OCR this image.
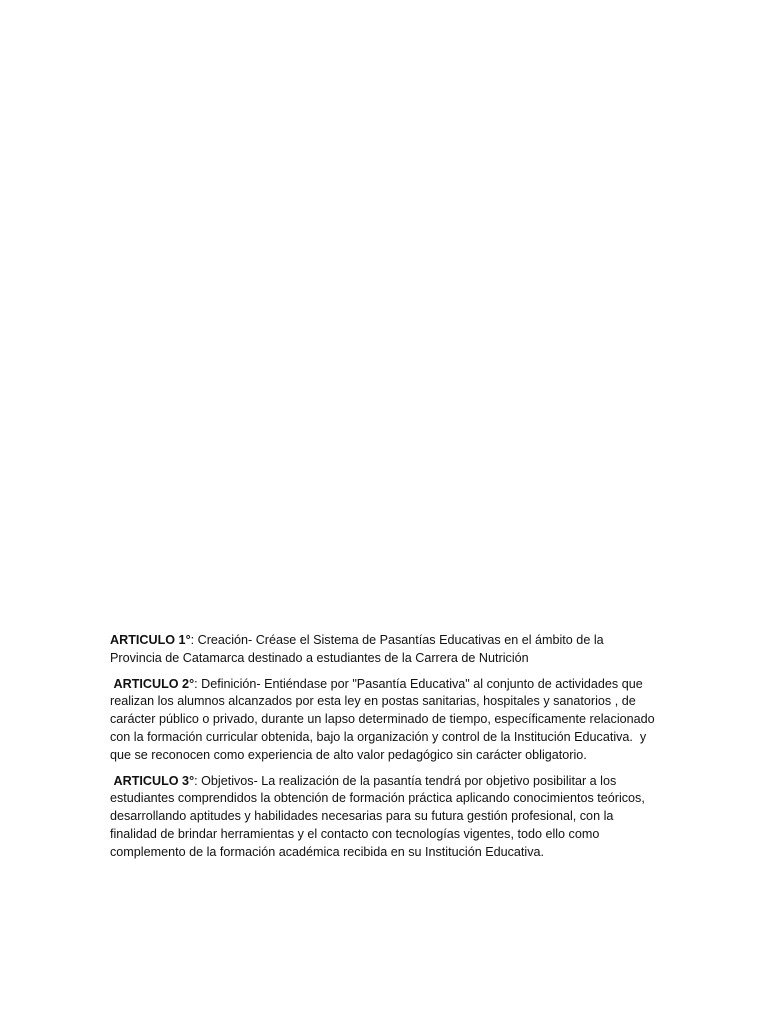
ARTICULO 1°: Creación- Créase el Sistema de Pasantías Educativas en el ámbito de la Provincia de Catamarca destinado a estudiantes de la Carrera de Nutrición

ARTICULO 2°: Definición- Entiéndase por "Pasantía Educativa" al conjunto de actividades que realizan los alumnos alcanzados por esta ley en postas sanitarias, hospitales y sanatorios , de carácter público o privado, durante un lapso determinado de tiempo, específicamente relacionado con la formación curricular obtenida, bajo la organización y control de la Institución Educativa.  y que se reconocen como experiencia de alto valor pedagógico sin carácter obligatorio.

ARTICULO 3°: Objetivos- La realización de la pasantía tendrá por objetivo posibilitar a los estudiantes comprendidos la obtención de formación práctica aplicando conocimientos teóricos, desarrollando aptitudes y habilidades necesarias para su futura gestión profesional, con la finalidad de brindar herramientas y el contacto con tecnologías vigentes, todo ello como complemento de la formación académica recibida en su Institución Educativa.
